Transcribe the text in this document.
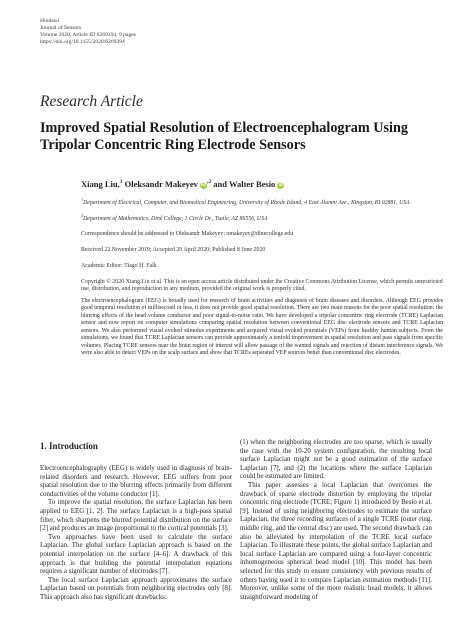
Hindawi
Journal of Sensors
Volume 2020, Article ID 6269394, 9 pages
https://doi.org/10.1155/2020/6269394
Research Article
Improved Spatial Resolution of Electroencephalogram Using Tripolar Concentric Ring Electrode Sensors
Xiang Liu,$^1$ Oleksandr Makeyev $iD^{,2}$ and Walter Besio iD
$^1$Department of Electrical, Computer, and Biomedical Engineering, University of Rhode Island, 4 East Alumni Ave., Kingston, RI 02881, USA
$^2$Department of Mathematics, Diné College, 1 Circle Dr., Tsaile, AZ 86556, USA
Correspondence should be addressed to Oleksandr Makeyev; omakeyev@dinecollege.edu
Received 22 November 2019; Accepted 29 April 2020; Published 8 June 2020
Academic Editor: Tiago H. Falk
Copyright © 2020 Xiang Liu et al. This is an open access article distributed under the Creative Commons Attribution License, which permits unrestricted use, distribution, and reproduction in any medium, provided the original work is properly cited.
The electroencephalogram (EEG) is broadly used for research of brain activities and diagnosis of brain diseases and disorders. Although EEG provides good temporal resolution of millisecond or less, it does not provide good spatial resolution. There are two main reasons for the poor spatial resolution: the blurring effects of the head volume conductor and poor signal-to-noise ratio. We have developed a tripolar concentric ring electrode (TCRE) Laplacian sensor and now report on computer simulations comparing spatial resolution between conventional EEG disc electrode sensors and TCRE Laplacian sensors. We also performed visual evoked stimulus experiments and acquired visual evoked potentials (VEPs) from healthy human subjects. From the simulations, we found that TCRE Laplacian sensors can provide approximately a tenfold improvement in spatial resolution and pass signals from specific volumes. Placing TCRE sensors near the brain region of interest will allow passage of the wanted signals and rejection of distant interference signals. We were also able to detect VEPs on the scalp surface and show that TCREs separated VEP sources better than conventional disc electrodes.
1. Introduction

Electroencephalography (EEG) is widely used in diagnosis of brain-related disorders and research. However, EEG suffers from poor spatial resolution due to the blurring effects primarily from different conductivities of the volume conductor [1].

To improve the spatial resolution, the surface Laplacian has been applied to EEG [1, 2]. The surface Laplacian is a high-pass spatial filter, which sharpens the blurred potential distribution on the surface [2] and produces an image proportional to the cortical potentials [3].

Two approaches have been used to calculate the surface Laplacian. The global surface Laplacian approach is based on the potential interpolation on the surface [4–6]. A drawback of this approach is that building the potential interpolation equations requires a significant number of electrodes [7].

The local surface Laplacian approach approximates the surface Laplacian based on potentials from neighboring electrodes only [8]. This approach also has significant drawbacks:

(1) when the neighboring electrodes are too sparse, which is usually the case with the 10-20 system configuration, the resulting local surface Laplacian might not be a good estimation of the surface Laplacian [7], and (2) the locations where the surface Laplacian could be estimated are limited.

This paper assesses a local Laplacian that overcomes the drawback of sparse electrode distortion by employing the tripolar concentric ring electrode (TCRE; Figure 1) introduced by Besio et al. [9]. Instead of using neighboring electrodes to estimate the surface Laplacian, the three recording surfaces of a single TCRE (outer ring, middle ring, and the central disc) are used. The second drawback can also be alleviated by interpolation of the TCRE local surface Laplacian. To illustrate these points, the global surface Laplacian and local surface Laplacian are compared using a four-layer concentric inhomogeneous spherical head model [10]. This model has been selected for this study to ensure consistency with previous results of others having used it to compare Laplacian estimation methods [11]. Moreover, unlike some of the more realistic head models, it allows straightforward modeling of
